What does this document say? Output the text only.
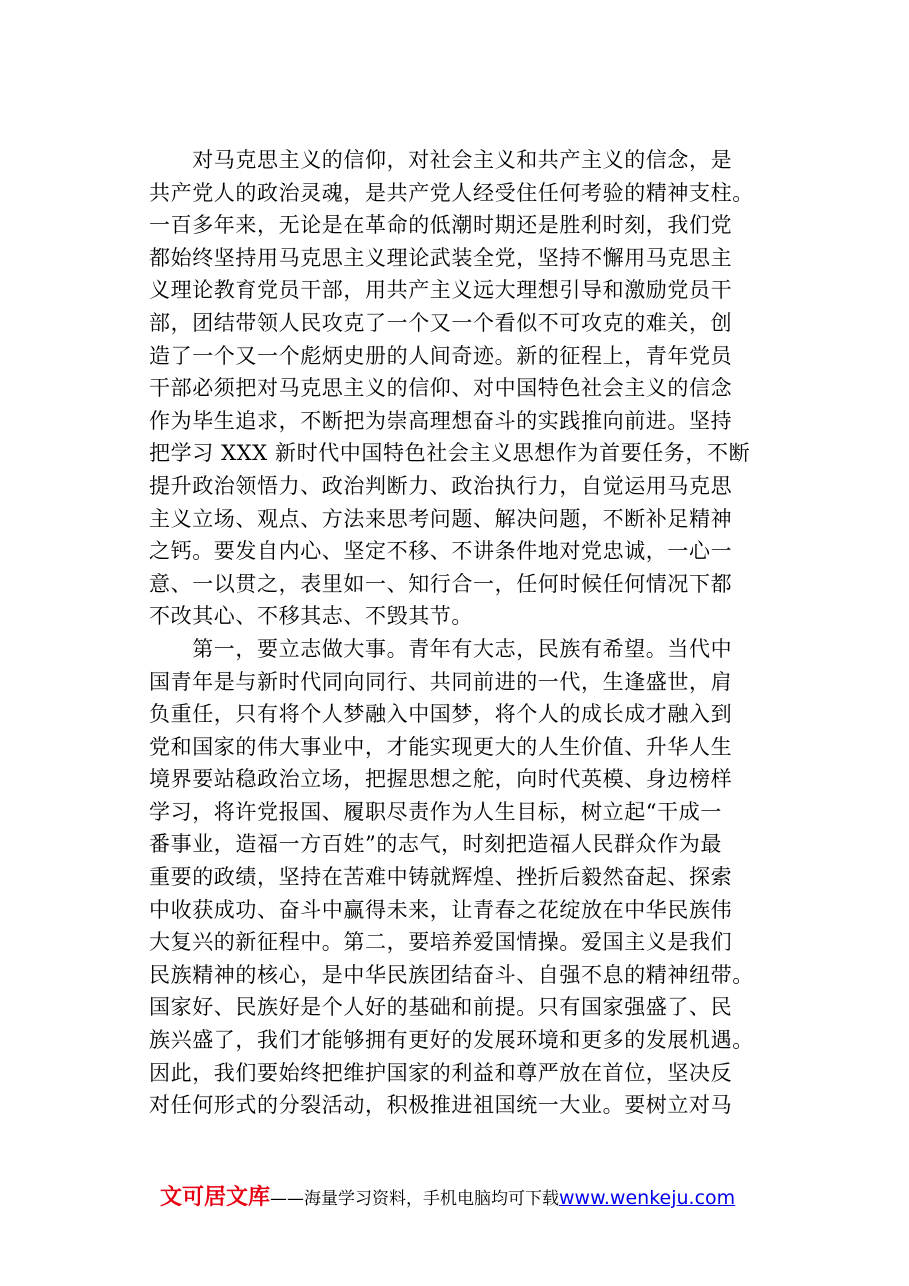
　　对马克思主义的信仰，对社会主义和共产主义的信念，是
共产党人的政治灵魂，是共产党人经受住任何考验的精神支柱。
一百多年来，无论是在革命的低潮时期还是胜利时刻，我们党
都始终坚持用马克思主义理论武装全党，坚持不懈用马克思主
义理论教育党员干部，用共产主义远大理想引导和激励党员干
部，团结带领人民攻克了一个又一个看似不可攻克的难关，创
造了一个又一个彪炳史册的人间奇迹。新的征程上，青年党员
干部必须把对马克思主义的信仰、对中国特色社会主义的信念
作为毕生追求，不断把为崇高理想奋斗的实践推向前进。坚持
把学习 XXX 新时代中国特色社会主义思想作为首要任务，不断
提升政治领悟力、政治判断力、政治执行力，自觉运用马克思
主义立场、观点、方法来思考问题、解决问题，不断补足精神
之钙。要发自内心、坚定不移、不讲条件地对党忠诚，一心一
意、一以贯之，表里如一、知行合一，任何时候任何情况下都
不改其心、不移其志、不毁其节。
　　第一，要立志做大事。青年有大志，民族有希望。当代中
国青年是与新时代同向同行、共同前进的一代，生逢盛世，肩
负重任，只有将个人梦融入中国梦，将个人的成长成才融入到
党和国家的伟大事业中，才能实现更大的人生价值、升华人生
境界要站稳政治立场，把握思想之舵，向时代英模、身边榜样
学习，将许党报国、履职尽责作为人生目标，树立起“干成一
番事业，造福一方百姓”的志气，时刻把造福人民群众作为最
重要的政绩，坚持在苦难中铸就辉煌、挫折后毅然奋起、探索
中收获成功、奋斗中赢得未来，让青春之花绽放在中华民族伟
大复兴的新征程中。第二，要培养爱国情操。爱国主义是我们
民族精神的核心，是中华民族团结奋斗、自强不息的精神纽带。
国家好、民族好是个人好的基础和前提。只有国家强盛了、民
族兴盛了，我们才能够拥有更好的发展环境和更多的发展机遇。
因此，我们要始终把维护国家的利益和尊严放在首位，坚决反
对任何形式的分裂活动，积极推进祖国统一大业。要树立对马
文可居文库——海量学习资料，手机电脑均可下载www.wenkeju.com
